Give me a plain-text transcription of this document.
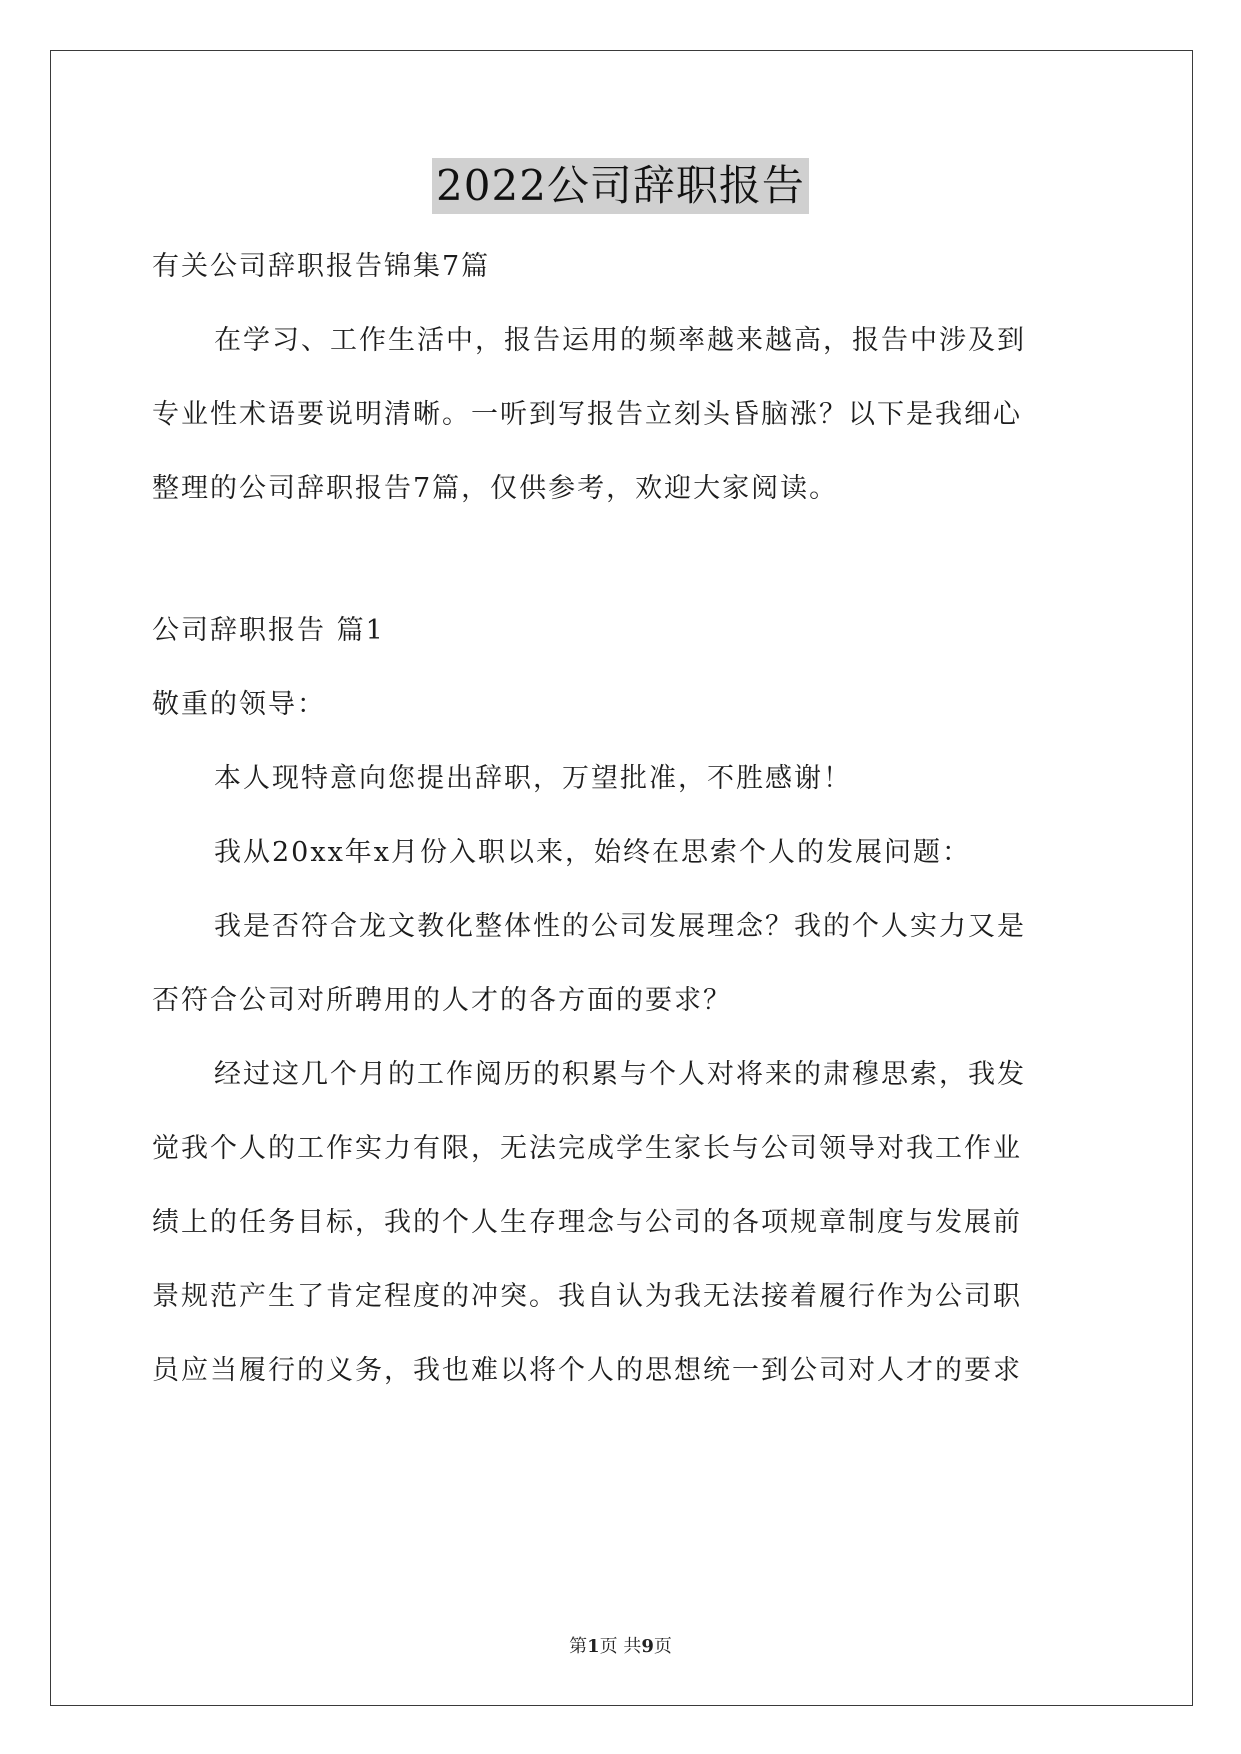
2022公司辞职报告
有关公司辞职报告锦集7篇
在学习、工作生活中，报告运用的频率越来越高，报告中涉及到
专业性术语要说明清晰。一听到写报告立刻头昏脑涨？以下是我细心
整理的公司辞职报告7篇，仅供参考，欢迎大家阅读。
公司辞职报告 篇1
敬重的领导：
本人现特意向您提出辞职，万望批准，不胜感谢！
我从20xx年x月份入职以来，始终在思索个人的发展问题：
我是否符合龙文教化整体性的公司发展理念？我的个人实力又是
否符合公司对所聘用的人才的各方面的要求？
经过这几个月的工作阅历的积累与个人对将来的肃穆思索，我发
觉我个人的工作实力有限，无法完成学生家长与公司领导对我工作业
绩上的任务目标，我的个人生存理念与公司的各项规章制度与发展前
景规范产生了肯定程度的冲突。我自认为我无法接着履行作为公司职
员应当履行的义务，我也难以将个人的思想统一到公司对人才的要求
第1页 共9页
